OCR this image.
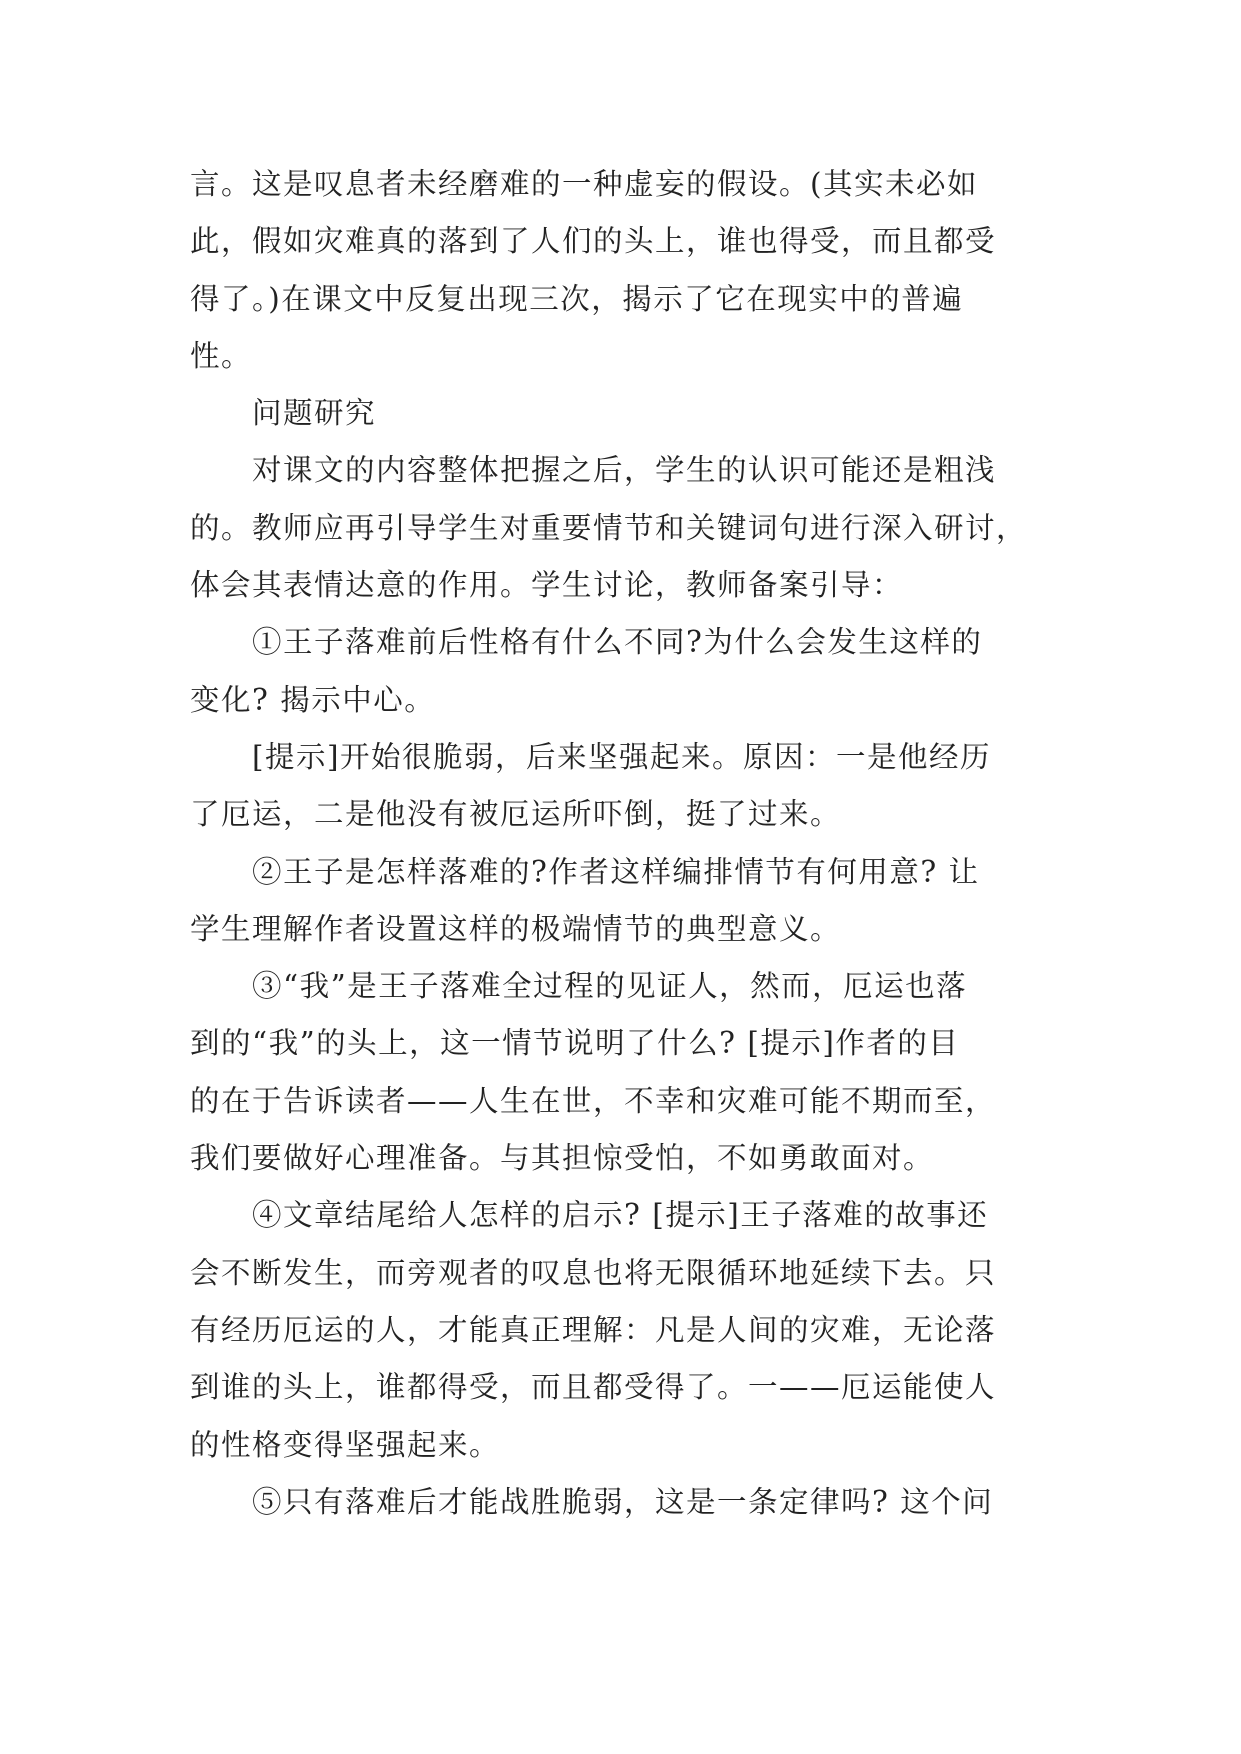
言。这是叹息者未经磨难的一种虚妄的假设。(其实未必如
此，假如灾难真的落到了人们的头上，谁也得受，而且都受
得了。)在课文中反复出现三次，揭示了它在现实中的普遍
性。
问题研究
对课文的内容整体把握之后，学生的认识可能还是粗浅
的。教师应再引导学生对重要情节和关键词句进行深入研讨，
体会其表情达意的作用。学生讨论，教师备案引导：
①王子落难前后性格有什么不同?为什么会发生这样的
变化? 揭示中心。
[提示]开始很脆弱，后来坚强起来。原因：一是他经历
了厄运，二是他没有被厄运所吓倒，挺了过来。
②王子是怎样落难的?作者这样编排情节有何用意? 让
学生理解作者设置这样的极端情节的典型意义。
③“我”是王子落难全过程的见证人，然而，厄运也落
到的“我”的头上，这一情节说明了什么? [提示]作者的目
的在于告诉读者——人生在世，不幸和灾难可能不期而至，
我们要做好心理准备。与其担惊受怕，不如勇敢面对。
④文章结尾给人怎样的启示? [提示]王子落难的故事还
会不断发生，而旁观者的叹息也将无限循环地延续下去。只
有经历厄运的人，才能真正理解：凡是人间的灾难，无论落
到谁的头上，谁都得受，而且都受得了。一——厄运能使人
的性格变得坚强起来。
⑤只有落难后才能战胜脆弱，这是一条定律吗? 这个问
